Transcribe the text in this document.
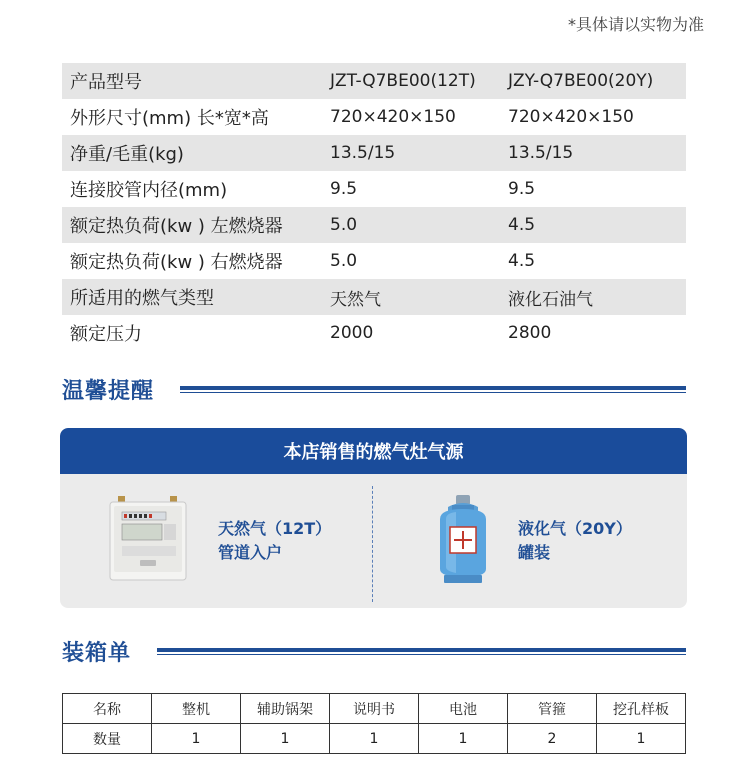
*具体请以实物为准
产品型号	JZT-Q7BE00(12T)	JZY-Q7BE00(20Y)
外形尺寸(mm) 长*宽*高	720×420×150	720×420×150
净重/毛重(kg)	13.5/15	13.5/15
连接胶管内径(mm)	9.5	9.5
额定热负荷(kw ) 左燃烧器	5.0	4.5
额定热负荷(kw ) 右燃烧器	5.0	4.5
所适用的燃气类型	天然气	液化石油气
额定压力	2000	2800
温馨提醒
本店销售的燃气灶气源
天然气（12T）
管道入户
液化气（20Y）
罐装
装箱单
名称	整机	辅助锅架	说明书	电池	管箍	挖孔样板
数量	1	1	1	1	2	1
